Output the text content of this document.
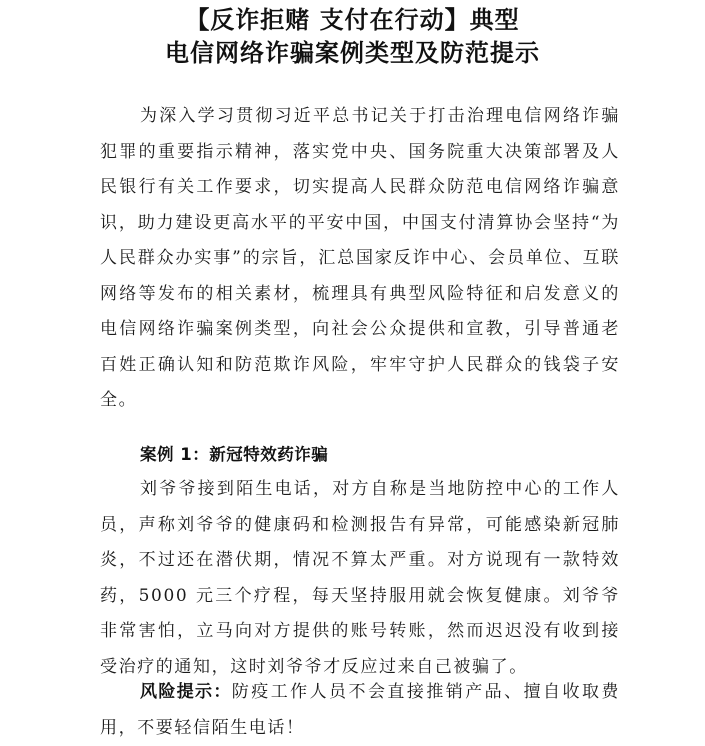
【反诈拒赌 支付在行动】典型
电信网络诈骗案例类型及防范提示
为深入学习贯彻习近平总书记关于打击治理电信网络诈骗犯罪的重要指示精神，落实党中央、国务院重大决策部署及人民银行有关工作要求，切实提高人民群众防范电信网络诈骗意识，助力建设更高水平的平安中国，中国支付清算协会坚持“为人民群众办实事”的宗旨，汇总国家反诈中心、会员单位、互联网络等发布的相关素材，梳理具有典型风险特征和启发意义的电信网络诈骗案例类型，向社会公众提供和宣教，引导普通老百姓正确认知和防范欺诈风险，牢牢守护人民群众的钱袋子安全。
案例 1：新冠特效药诈骗
刘爷爷接到陌生电话，对方自称是当地防控中心的工作人员，声称刘爷爷的健康码和检测报告有异常，可能感染新冠肺炎，不过还在潜伏期，情况不算太严重。对方说现有一款特效药，5000 元三个疗程，每天坚持服用就会恢复健康。刘爷爷非常害怕，立马向对方提供的账号转账，然而迟迟没有收到接受治疗的通知，这时刘爷爷才反应过来自己被骗了。
风险提示：防疫工作人员不会直接推销产品、擅自收取费用，不要轻信陌生电话！
